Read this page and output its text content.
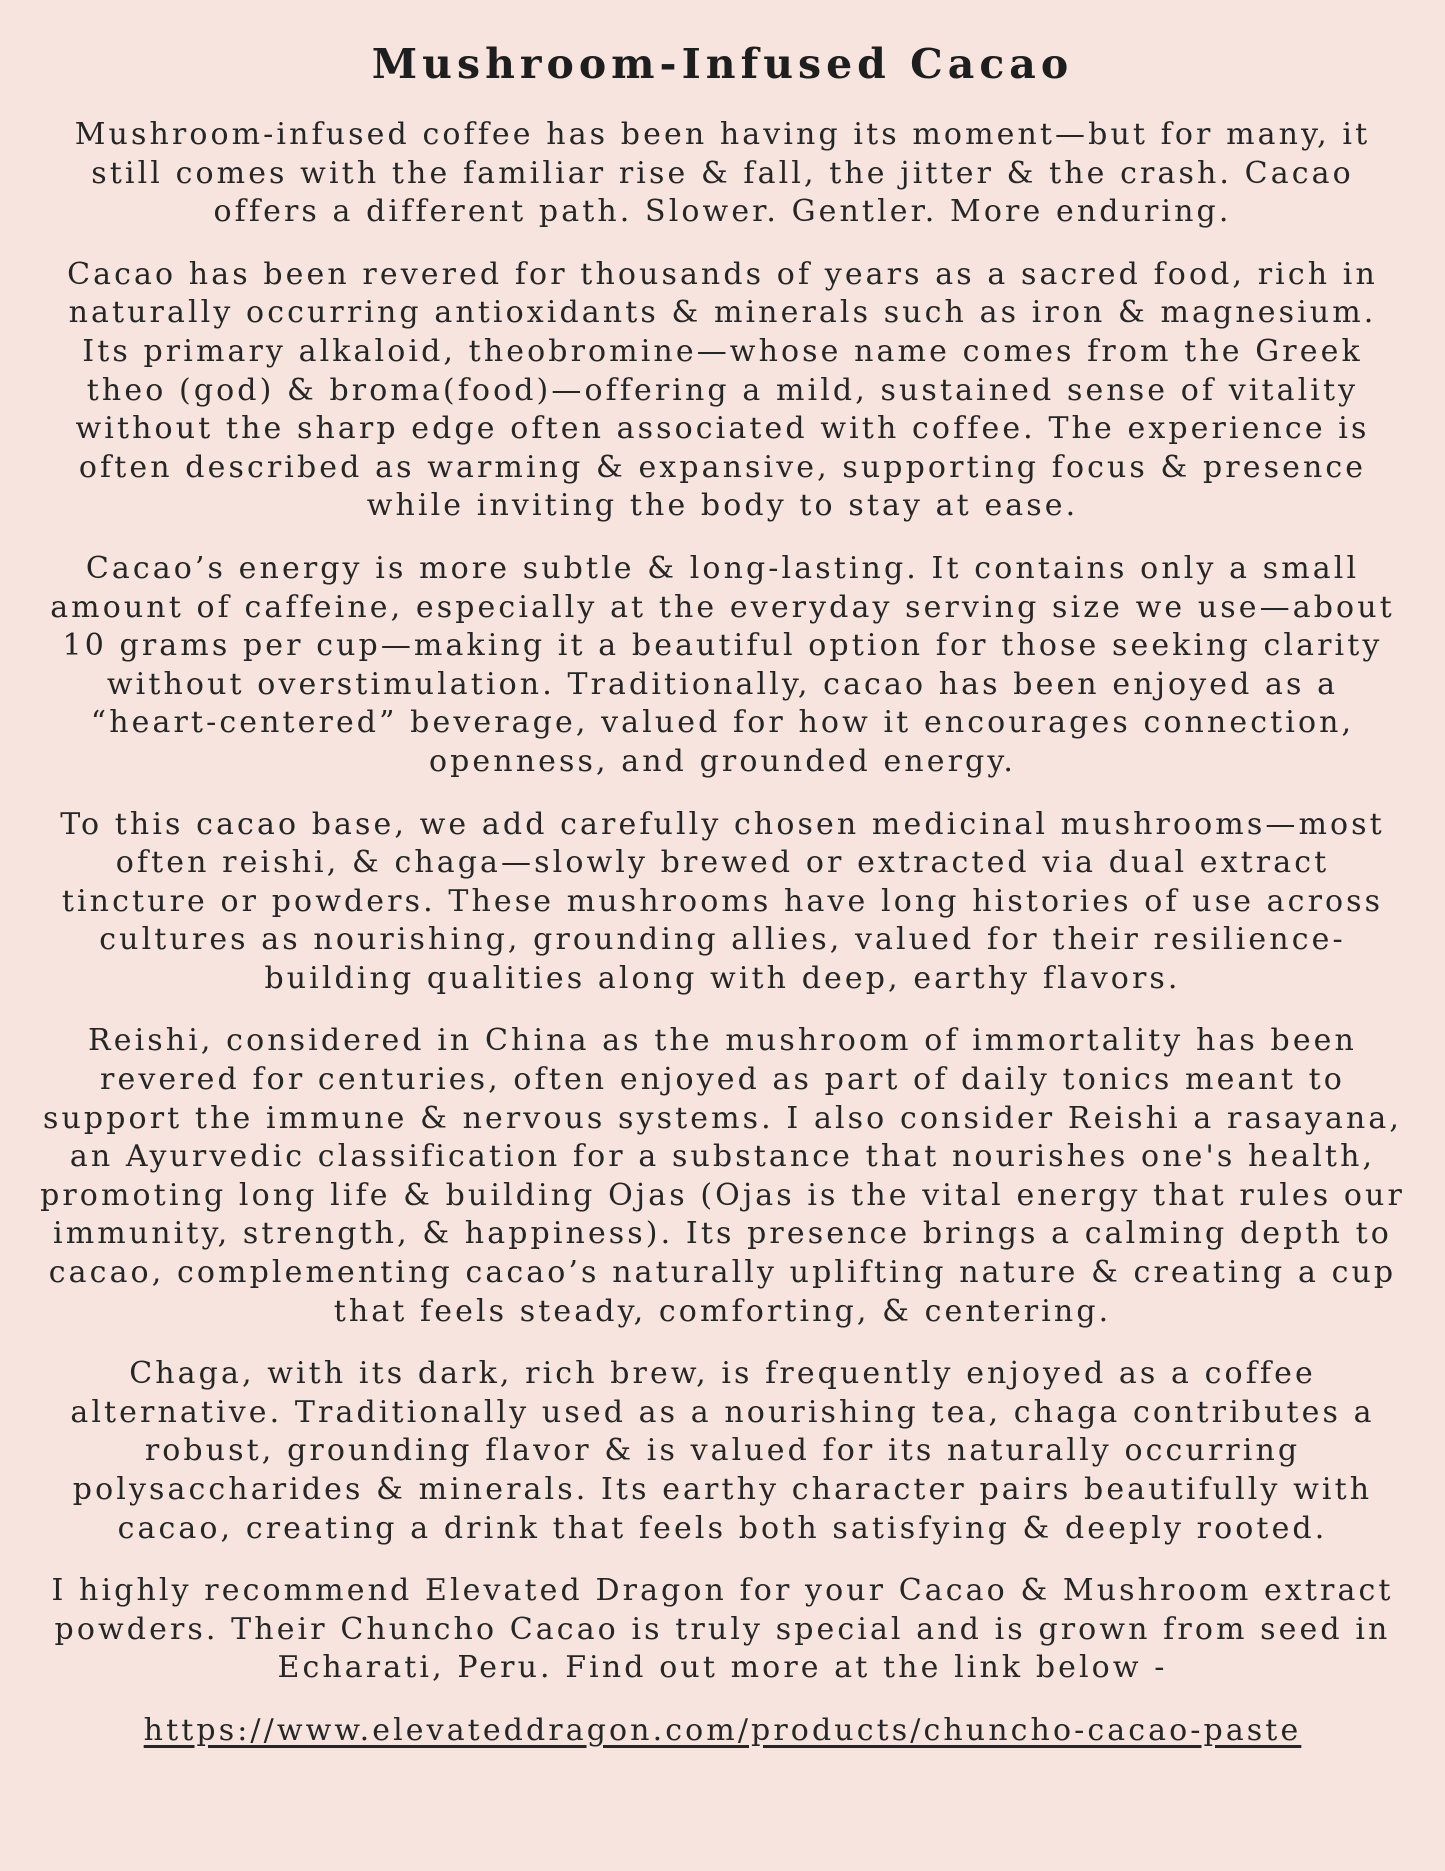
Mushroom-Infused Cacao

Mushroom-infused coffee has been having its moment—but for many, it still comes with the familiar rise & fall, the jitter & the crash. Cacao offers a different path. Slower. Gentler. More enduring.

Cacao has been revered for thousands of years as a sacred food, rich in naturally occurring antioxidants & minerals such as iron & magnesium. Its primary alkaloid, theobromine—whose name comes from the Greek theo (god) & broma(food)—offering a mild, sustained sense of vitality without the sharp edge often associated with coffee. The experience is often described as warming & expansive, supporting focus & presence while inviting the body to stay at ease.

Cacao’s energy is more subtle & long-lasting. It contains only a small amount of caffeine, especially at the everyday serving size we use—about 10 grams per cup—making it a beautiful option for those seeking clarity without overstimulation. Traditionally, cacao has been enjoyed as a “heart-centered” beverage, valued for how it encourages connection, openness, and grounded energy.

To this cacao base, we add carefully chosen medicinal mushrooms—most often reishi, & chaga—slowly brewed or extracted via dual extract tincture or powders. These mushrooms have long histories of use across cultures as nourishing, grounding allies, valued for their resilience-building qualities along with deep, earthy flavors.

Reishi, considered in China as the mushroom of immortality has been revered for centuries, often enjoyed as part of daily tonics meant to support the immune & nervous systems. I also consider Reishi a rasayana, an Ayurvedic classification for a substance that nourishes one's health, promoting long life & building Ojas (Ojas is the vital energy that rules our immunity, strength, & happiness). Its presence brings a calming depth to cacao, complementing cacao’s naturally uplifting nature & creating a cup that feels steady, comforting, & centering.

Chaga, with its dark, rich brew, is frequently enjoyed as a coffee alternative. Traditionally used as a nourishing tea, chaga contributes a robust, grounding flavor & is valued for its naturally occurring polysaccharides & minerals. Its earthy character pairs beautifully with cacao, creating a drink that feels both satisfying & deeply rooted.

I highly recommend Elevated Dragon for your Cacao & Mushroom extract powders. Their Chuncho Cacao is truly special and is grown from seed in Echarati, Peru. Find out more at the link below -

https://www.elevateddragon.com/products/chuncho-cacao-paste
